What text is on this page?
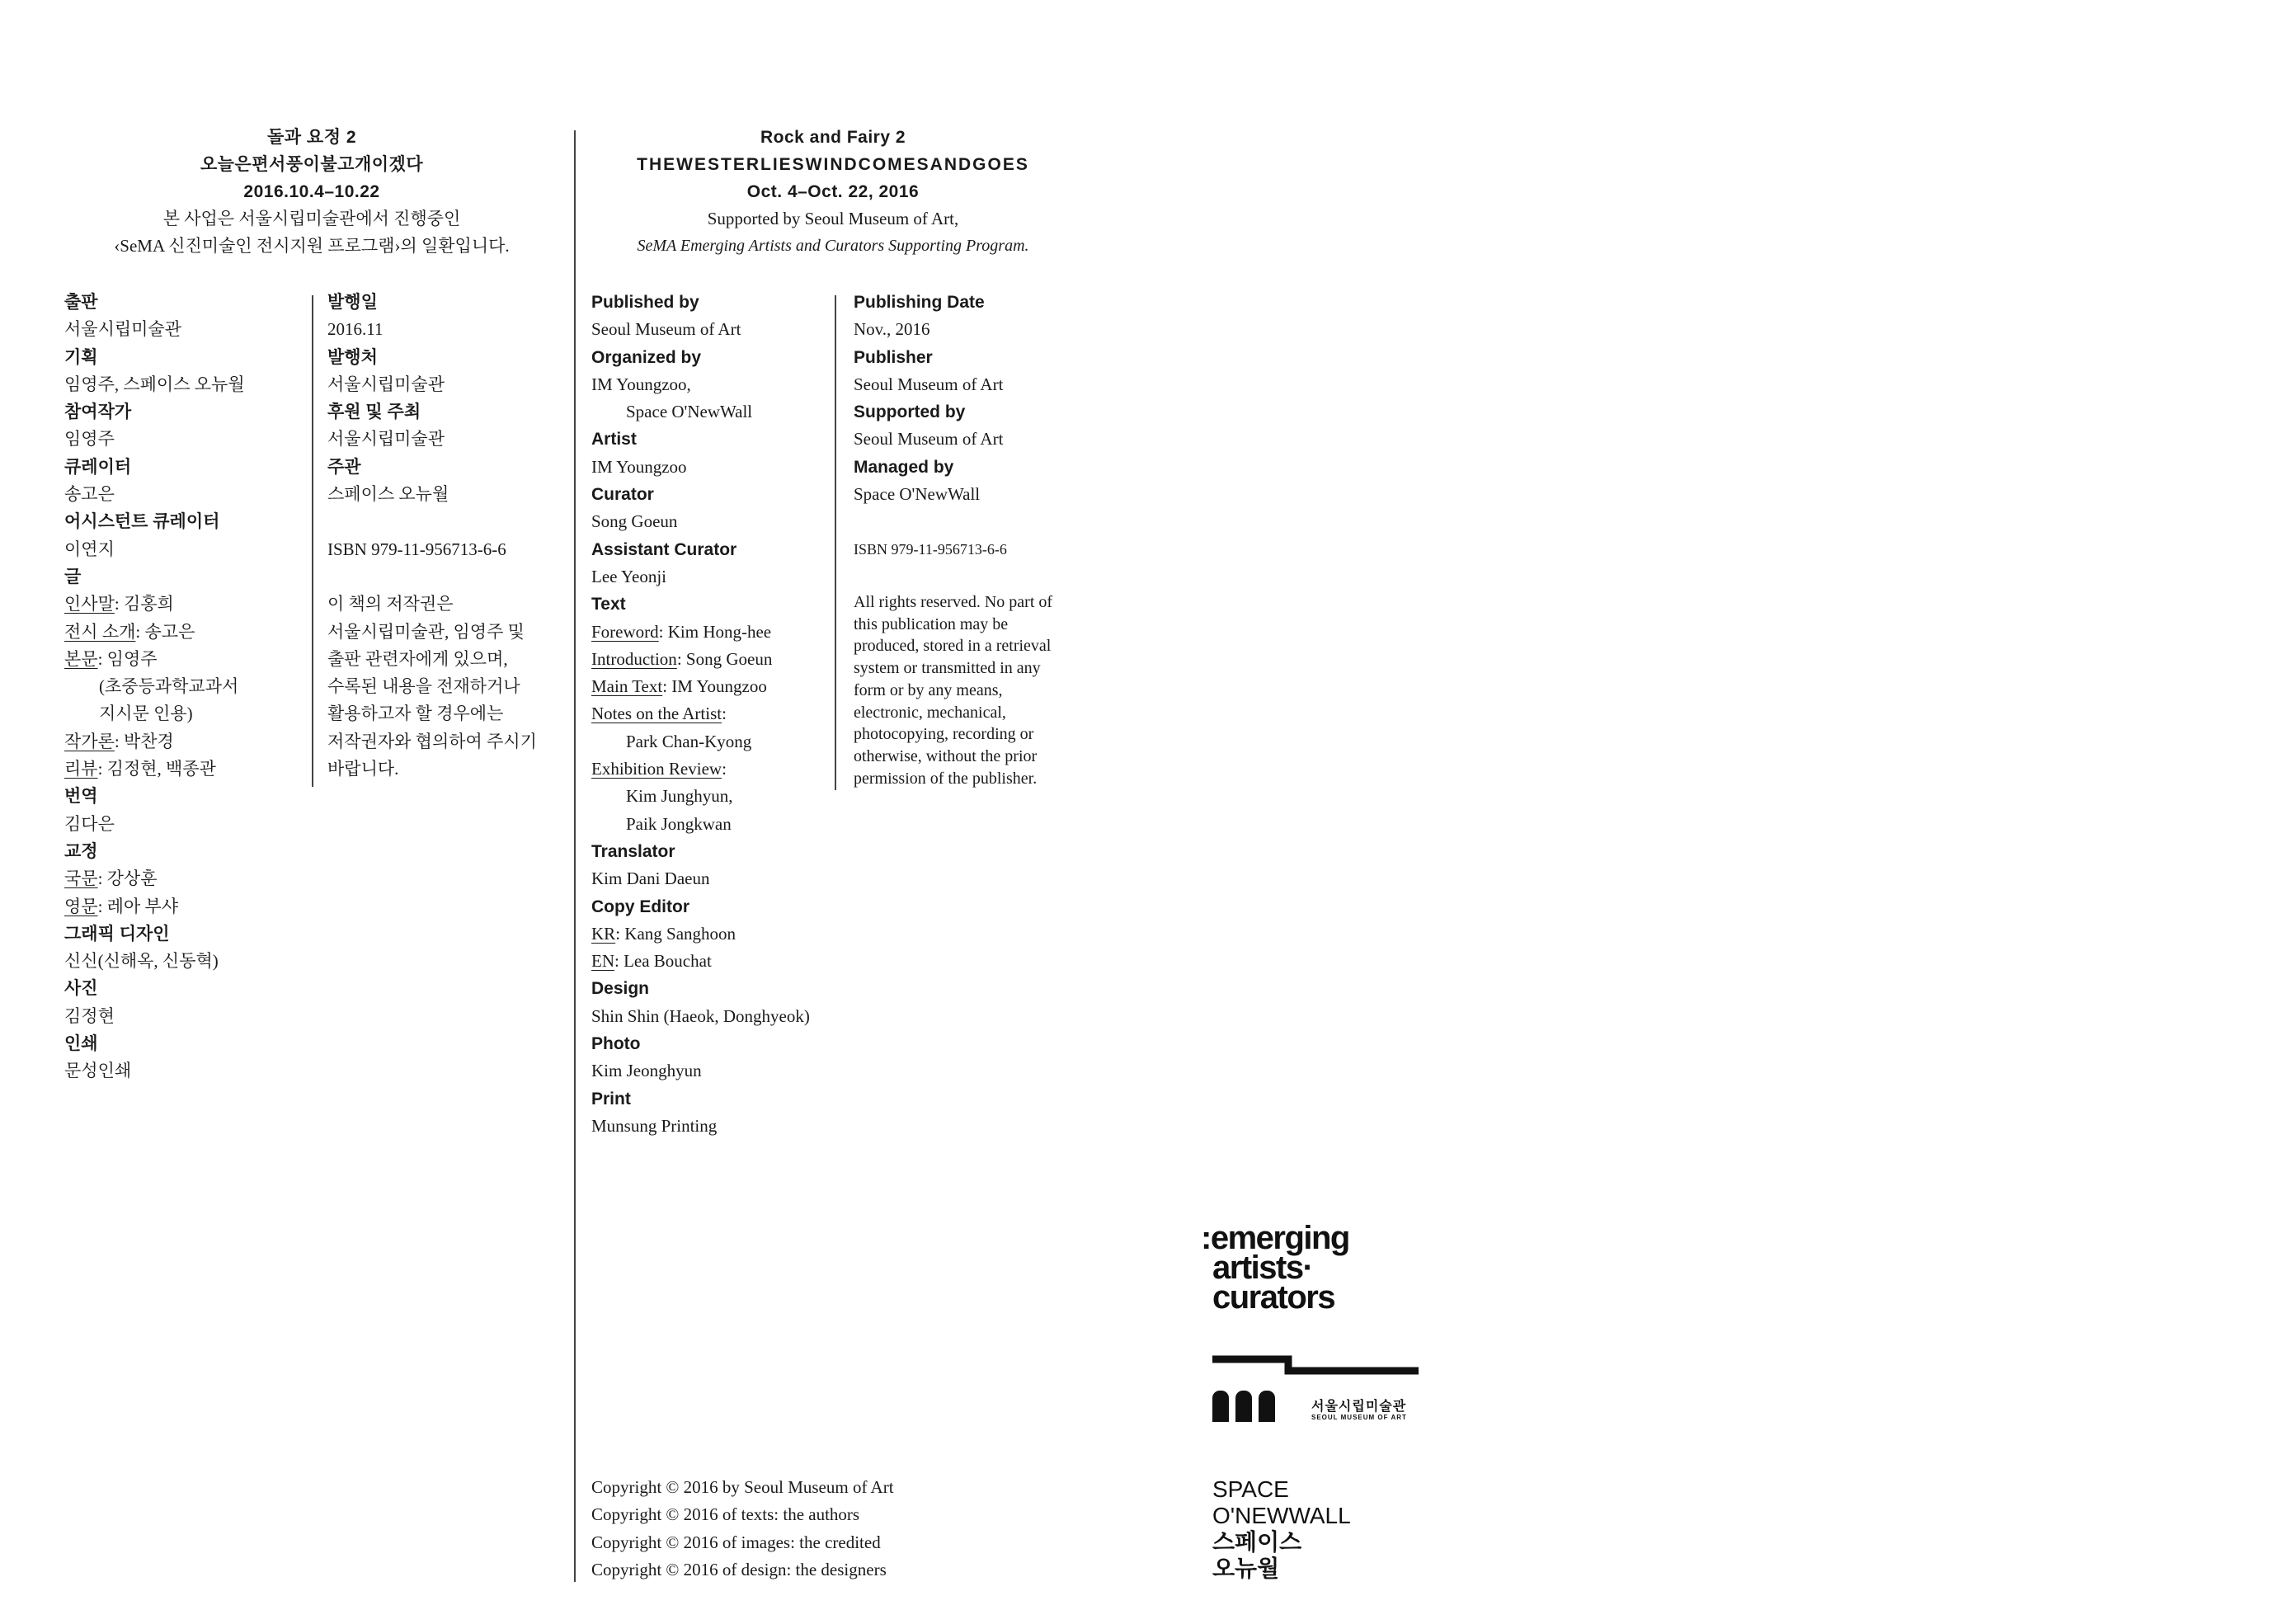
돌과 요정 2
오늘은편서풍이불고개이겠다
2016.10.4–10.22
본 사업은 서울시립미술관에서 진행중인
‹SeMA 신진미술인 전시지원 프로그램›의 일환입니다.
Rock and Fairy 2
THEWESTERLIESWINDCOMESANDGOES
Oct. 4–Oct. 22, 2016
Supported by Seoul Museum of Art,
SeMA Emerging Artists and Curators Supporting Program.
출판
서울시립미술관
기획
임영주, 스페이스 오뉴월
참여작가
임영주
큐레이터
송고은
어시스턴트 큐레이터
이연지
글
인사말: 김홍희
전시 소개: 송고은
본문: 임영주
(초중등과학교과서
지시문 인용)
작가론: 박찬경
리뷰: 김정현, 백종관
번역
김다은
교정
국문: 강상훈
영문: 레아 부샤
그래픽 디자인
신신(신해옥, 신동혁)
사진
김정현
인쇄
문성인쇄
발행일
2016.11
발행처
서울시립미술관
후원 및 주최
서울시립미술관
주관
스페이스 오뉴월
ISBN 979-11-956713-6-6
이 책의 저작권은
서울시립미술관, 임영주 및
출판 관련자에게 있으며,
수록된 내용을 전재하거나
활용하고자 할 경우에는
저작권자와 협의하여 주시기
바랍니다.
Published by
Seoul Museum of Art
Organized by
IM Youngzoo,
Space O'NewWall
Artist
IM Youngzoo
Curator
Song Goeun
Assistant Curator
Lee Yeonji
Text
Foreword: Kim Hong-hee
Introduction: Song Goeun
Main Text: IM Youngzoo
Notes on the Artist:
Park Chan-Kyong
Exhibition Review:
Kim Junghyun,
Paik Jongkwan
Translator
Kim Dani Daeun
Copy Editor
KR: Kang Sanghoon
EN: Lea Bouchat
Design
Shin Shin (Haeok, Donghyeok)
Photo
Kim Jeonghyun
Print
Munsung Printing
Publishing Date
Nov., 2016
Publisher
Seoul Museum of Art
Supported by
Seoul Museum of Art
Managed by
Space O'NewWall
ISBN 979-11-956713-6-6
All rights reserved. No part of
this publication may be
produced, stored in a retrieval
system or transmitted in any
form or by any means,
electronic, mechanical,
photocopying, recording or
otherwise, without the prior
permission of the publisher.
Copyright © 2016 by Seoul Museum of Art
Copyright © 2016 of texts: the authors
Copyright © 2016 of images: the credited
Copyright © 2016 of design: the designers
:emerging
artists·
curators
서울시립미술관
SEOUL MUSEUM OF ART
SPACE
O'NEWWALL
스페이스
오뉴월
